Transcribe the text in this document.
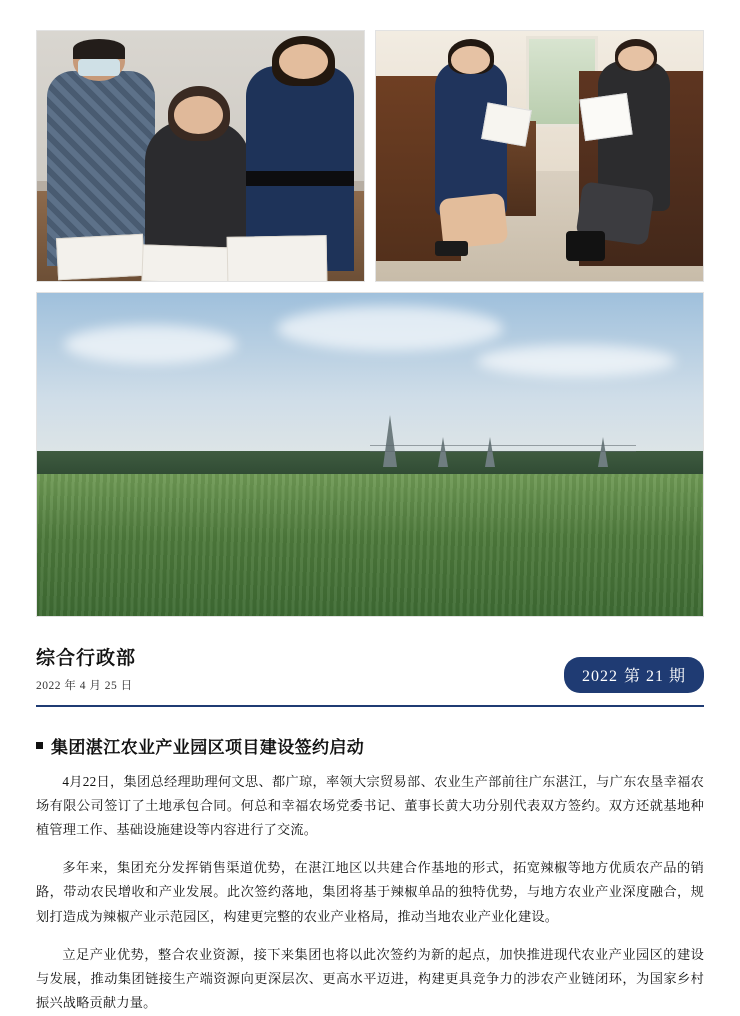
综合行政部
2022 年 4 月 25 日
2022 第 21 期
集团湛江农业产业园区项目建设签约启动

4月22日，集团总经理助理何文思、都广琼，率领大宗贸易部、农业生产部前往广东湛江，与广东农垦幸福农场有限公司签订了土地承包合同。何总和幸福农场党委书记、董事长黄大功分别代表双方签约。双方还就基地种植管理工作、基础设施建设等内容进行了交流。

多年来，集团充分发挥销售渠道优势，在湛江地区以共建合作基地的形式，拓宽辣椒等地方优质农产品的销路，带动农民增收和产业发展。此次签约落地，集团将基于辣椒单品的独特优势，与地方农业产业深度融合，规划打造成为辣椒产业示范园区，构建更完整的农业产业格局，推动当地农业产业化建设。

立足产业优势，整合农业资源，接下来集团也将以此次签约为新的起点，加快推进现代农业产业园区的建设与发展，推动集团链接生产端资源向更深层次、更高水平迈进，构建更具竞争力的涉农产业链闭环，为国家乡村振兴战略贡献力量。
